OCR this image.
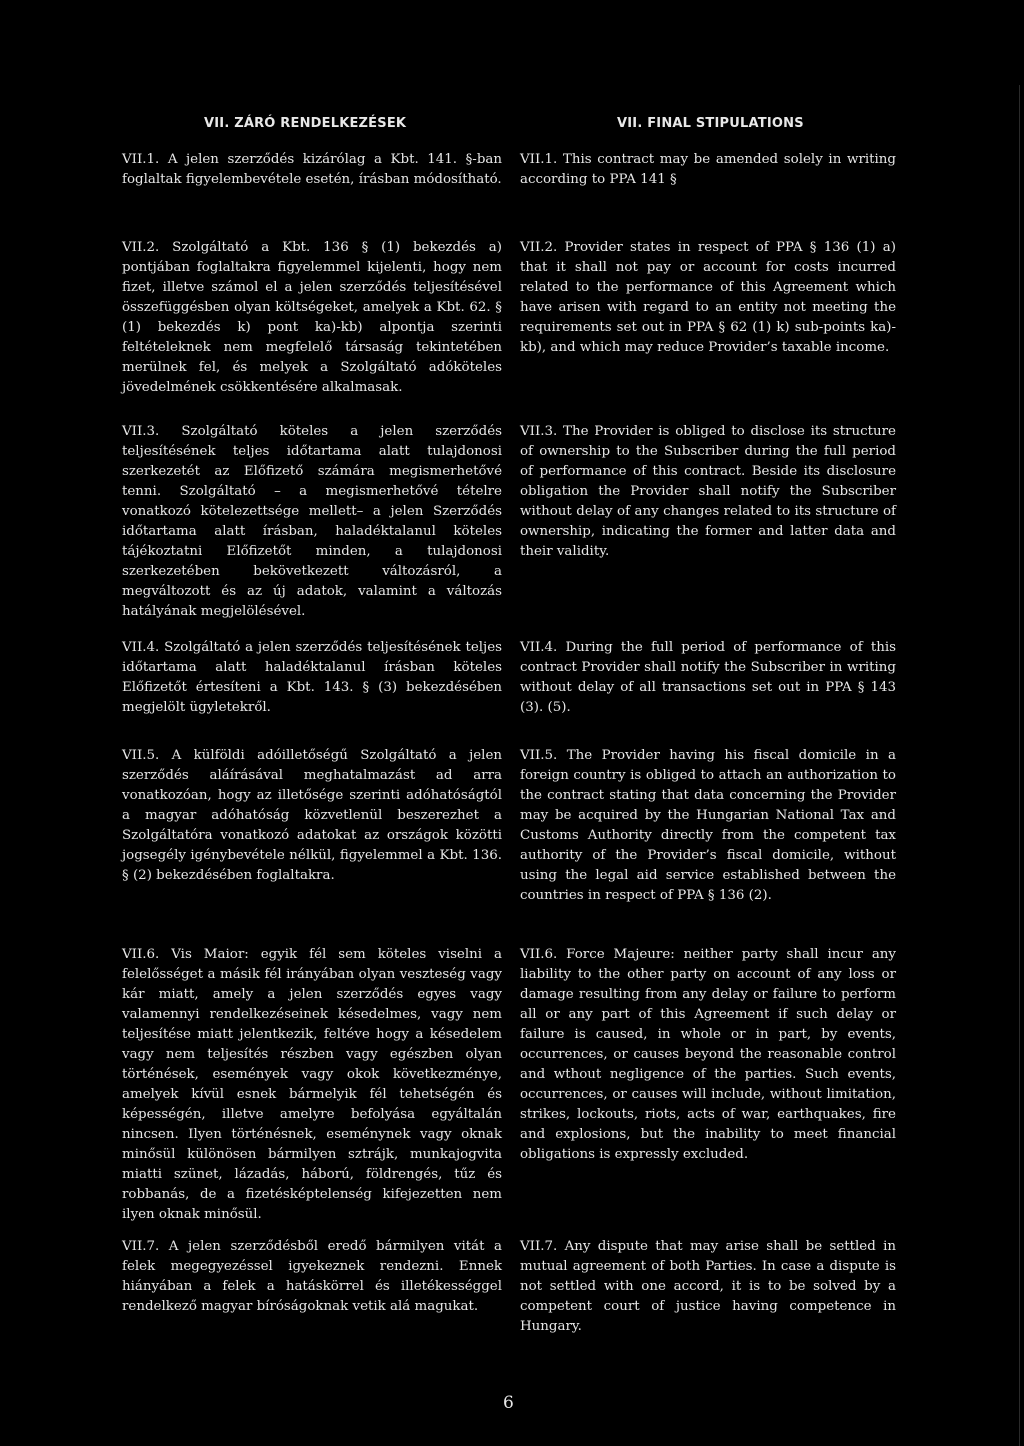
VII. ZÁRÓ RENDELKEZÉSEK	VII. FINAL STIPULATIONS

VII.1. A jelen szerződés kizárólag a Kbt. 141. §-ban foglaltak figyelembevétele esetén, írásban módosítható.

VII.2. Szolgáltató a Kbt. 136 § (1) bekezdés a) pontjában foglaltakra figyelemmel kijelenti, hogy nem fizet, illetve számol el a jelen szerződés teljesítésével összefüggésben olyan költségeket, amelyek a Kbt. 62. § (1) bekezdés k) pont ka)-kb) alpontja szerinti feltételeknek nem megfelelő társaság tekintetében merülnek fel, és melyek a Szolgáltató adóköteles jövedelmének csökkentésére alkalmasak.

VII.3. Szolgáltató köteles a jelen szerződés teljesítésének teljes időtartama alatt tulajdonosi szerkezetét az Előfizető számára megismerhetővé tenni. Szolgáltató – a megismerhetővé tételre vonatkozó kötelezettsége mellett– a jelen Szerződés időtartama alatt írásban, haladéktalanul köteles tájékoztatni Előfizetőt minden, a tulajdonosi szerkezetében bekövetkezett változásról, a megváltozott és az új adatok, valamint a változás hatályának megjelölésével.

VII.4. Szolgáltató a jelen szerződés teljesítésének teljes időtartama alatt haladéktalanul írásban köteles Előfizetőt értesíteni a Kbt. 143. § (3) bekezdésében megjelölt ügyletekről.

VII.5. A külföldi adóilletőségű Szolgáltató a jelen szerződés aláírásával meghatalmazást ad arra vonatkozóan, hogy az illetősége szerinti adóhatóságtól a magyar adóhatóság közvetlenül beszerezhet a Szolgáltatóra vonatkozó adatokat az országok közötti jogsegély igénybevétele nélkül, figyelemmel a Kbt. 136. § (2) bekezdésében foglaltakra.

VII.6. Vis Maior: egyik fél sem köteles viselni a felelősséget a másik fél irányában olyan veszteség vagy kár miatt, amely a jelen szerződés egyes vagy valamennyi rendelkezéseinek késedelmes, vagy nem teljesítése miatt jelentkezik, feltéve hogy a késedelem vagy nem teljesítés részben vagy egészben olyan történések, események vagy okok következménye, amelyek kívül esnek bármelyik fél tehetségén és képességén, illetve amelyre befolyása egyáltalán nincsen. Ilyen történésnek, eseménynek vagy oknak minősül különösen bármilyen sztrájk, munkajogvita miatti szünet, lázadás, háború, földrengés, tűz és robbanás, de a fizetésképtelenség kifejezetten nem ilyen oknak minősül.

VII.7. A jelen szerződésből eredő bármilyen vitát a felek megegyezéssel igyekeznek rendezni. Ennek hiányában a felek a hatáskörrel és illetékességgel rendelkező magyar bíróságoknak vetik alá magukat.

VII.1. This contract may be amended solely in writing according to PPA 141 §

VII.2. Provider states in respect of PPA § 136 (1) a) that it shall not pay or account for costs incurred related to the performance of this Agreement which have arisen with regard to an entity not meeting the requirements set out in PPA § 62 (1) k) sub-points ka)-kb), and which may reduce Provider’s taxable income.

VII.3. The Provider is obliged to disclose its structure of ownership to the Subscriber during the full period of performance of this contract. Beside its disclosure obligation the Provider shall notify the Subscriber without delay of any changes related to its structure of ownership, indicating the former and latter data and their validity.

VII.4. During the full period of performance of this contract Provider shall notify the Subscriber in writing without delay of all transactions set out in PPA § 143 (3). (5).

VII.5. The Provider having his fiscal domicile in a foreign country is obliged to attach an authorization to the contract stating that data concerning the Provider may be acquired by the Hungarian National Tax and Customs Authority directly from the competent tax authority of the Provider’s fiscal domicile, without using the legal aid service established between the countries in respect of PPA § 136 (2).

VII.6. Force Majeure: neither party shall incur any liability to the other party on account of any loss or damage resulting from any delay or failure to perform all or any part of this Agreement if such delay or failure is caused, in whole or in part, by events, occurrences, or causes beyond the reasonable control and wthout negligence of the parties. Such events, occurrences, or causes will include, without limitation, strikes, lockouts, riots, acts of war, earthquakes, fire and explosions, but the inability to meet financial obligations is expressly excluded.

VII.7. Any dispute that may arise shall be settled in mutual agreement of both Parties. In case a dispute is not settled with one accord, it is to be solved by a competent court of justice having competence in Hungary.

6
